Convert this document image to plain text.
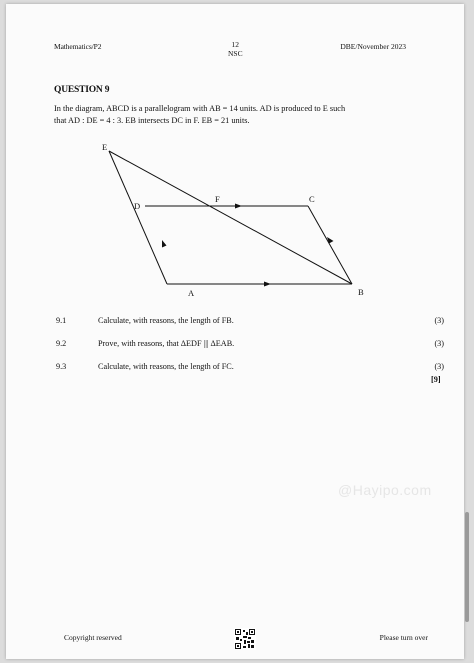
Mathematics/P2	12
NSC
DBE/November 2023
QUESTION 9

In the diagram, ABCD is a parallelogram with AB = 14 units. AD is produced to E such

that AD : DE = 4 : 3. EB intersects DC in F. EB = 21 units.

E
D
F	C
A	B
9.1	Calculate, with reasons, the length of FB.	(3)
9.2	Prove, with reasons, that ΔEDF ||| ΔEAB.	(3)
9.3	Calculate, with reasons, the length of FC.	(3)
[9]
@Hayipo.com
Copyright reserved	Please turn over
